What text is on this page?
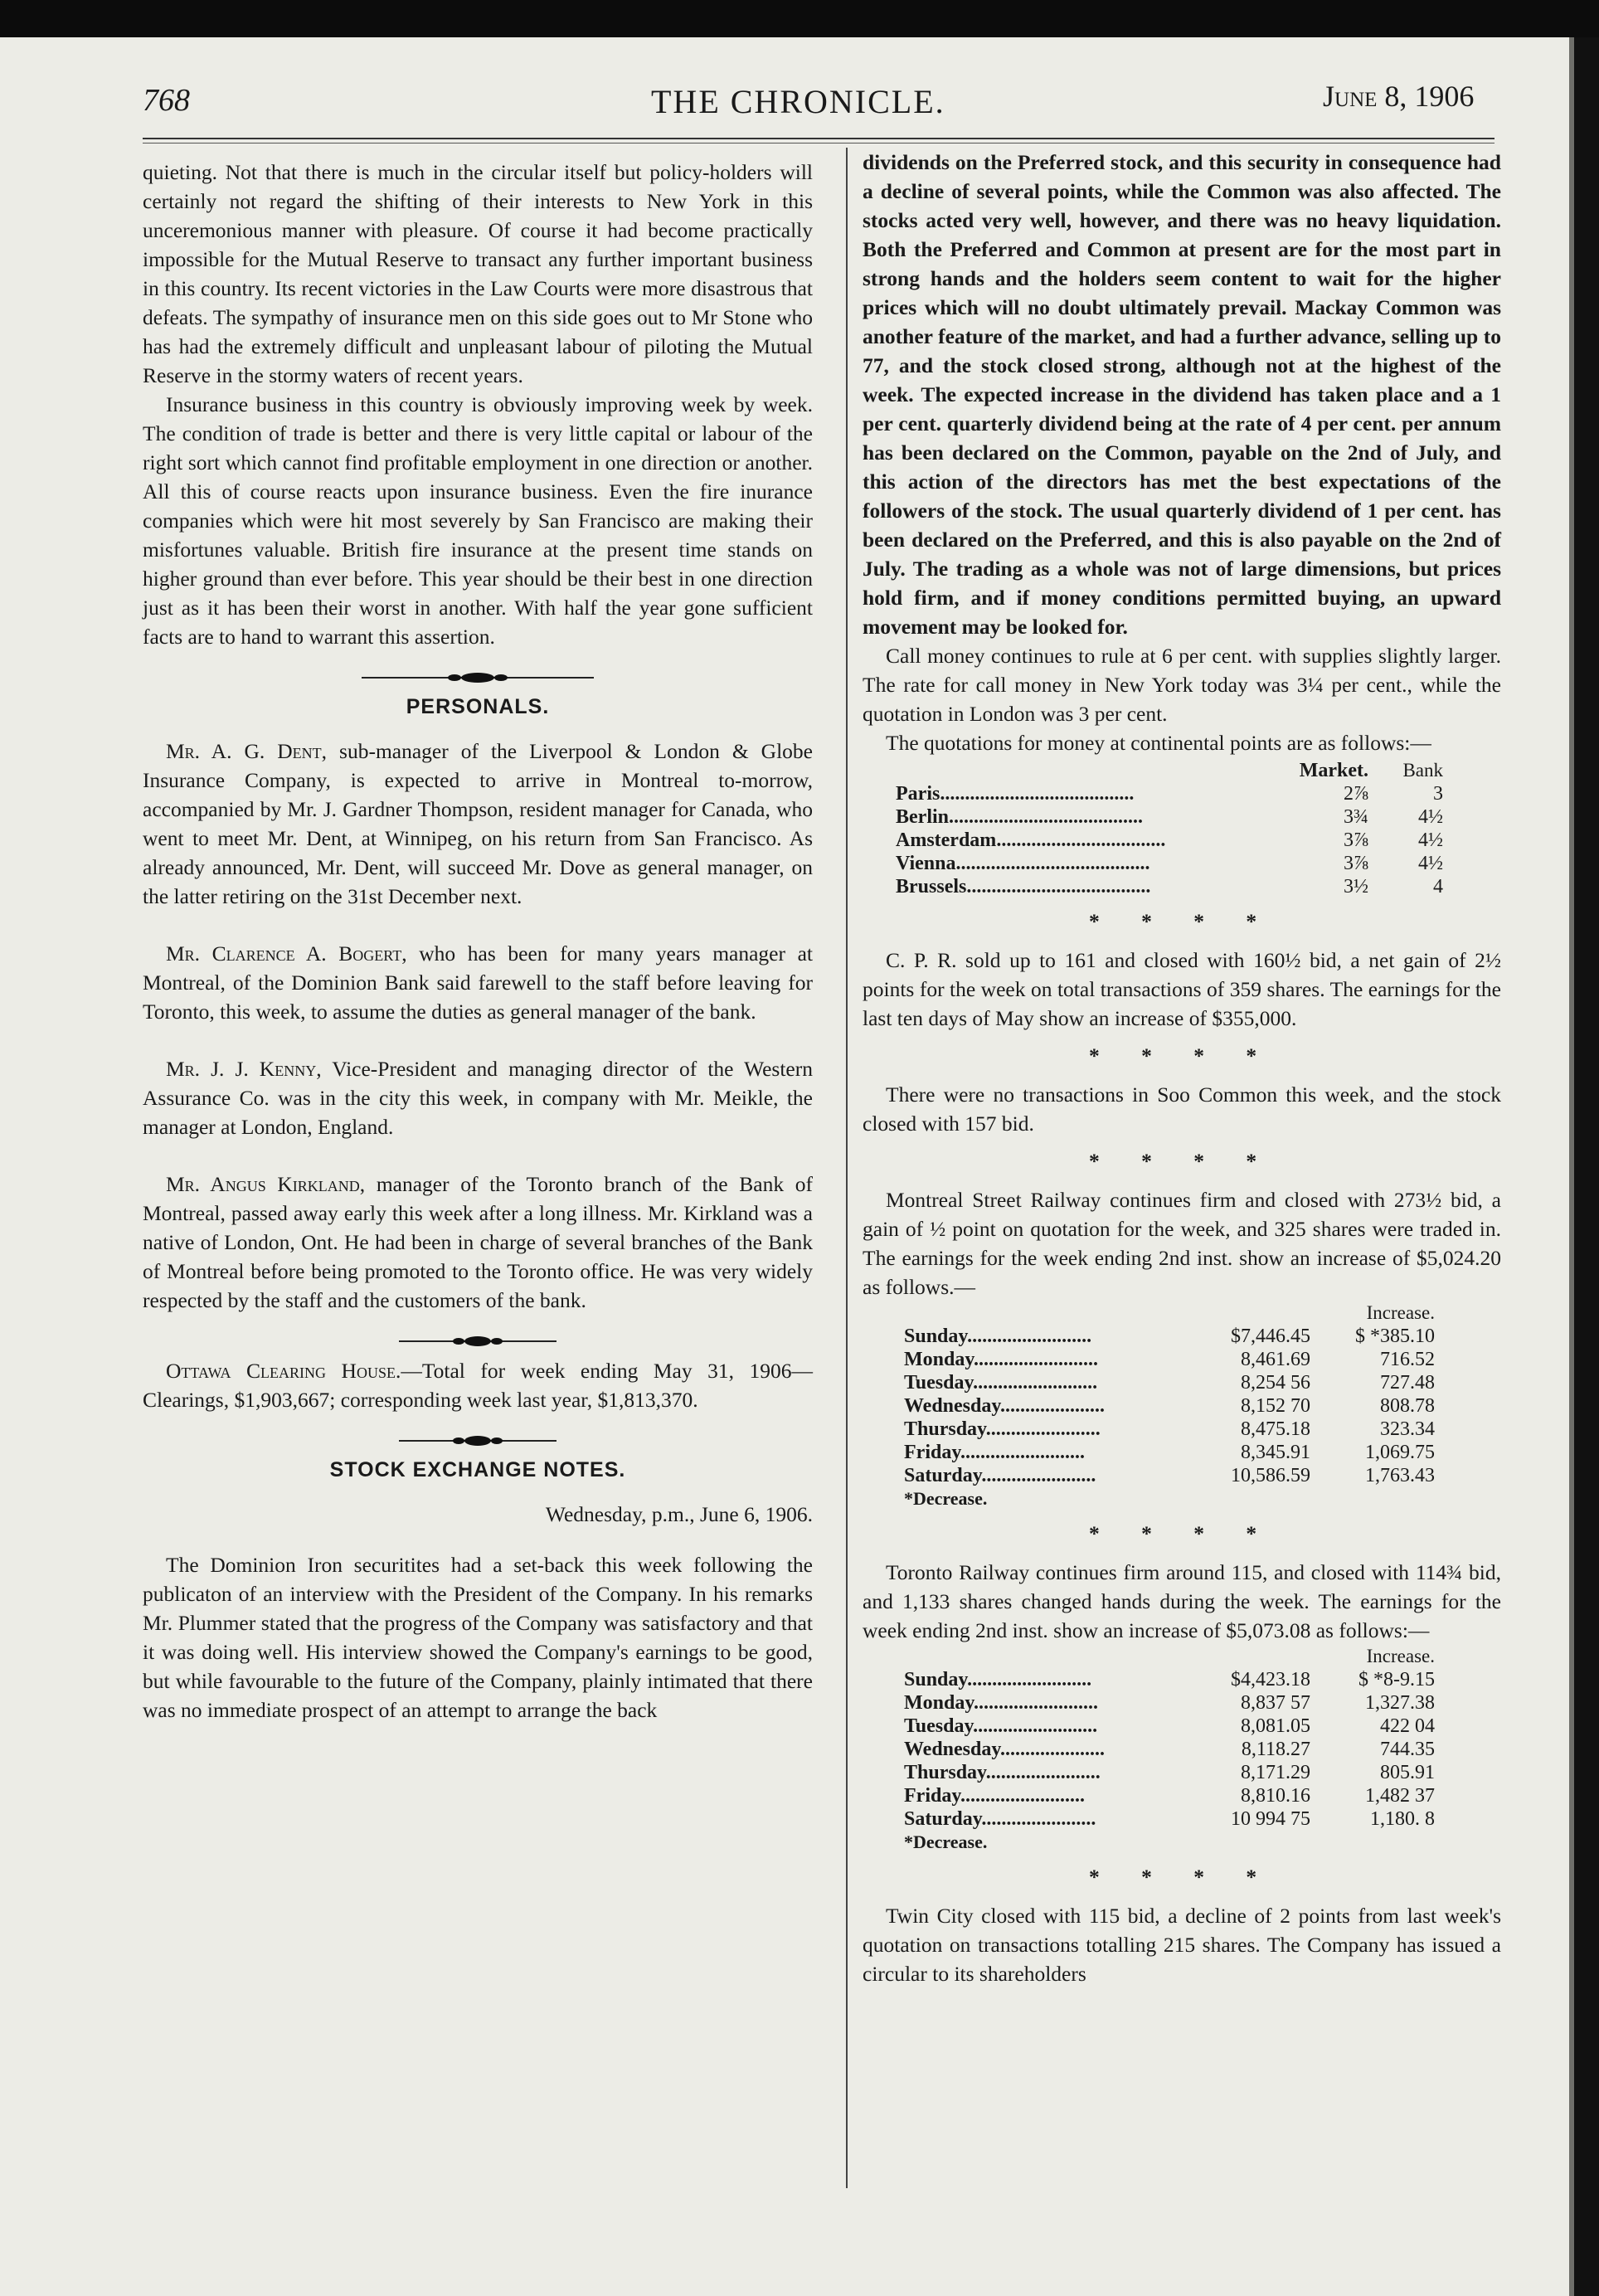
768	THE CHRONICLE.	June 8, 1906

quieting. Not that there is much in the circular itself but policy-holders will certainly not regard the shifting of their interests to New York in this unceremonious manner with pleasure. Of course it had become practically impossible for the Mutual Reserve to transact any further important business in this country. Its recent victories in the Law Courts were more disastrous that defeats. The sympathy of insurance men on this side goes out to Mr Stone who has had the extremely difficult and unpleasant labour of piloting the Mutual Reserve in the stormy waters of recent years.

Insurance business in this country is obviously improving week by week. The condition of trade is better and there is very little capital or labour of the right sort which cannot find profitable employment in one direction or another. All this of course reacts upon insurance business. Even the fire inurance companies which were hit most severely by San Francisco are making their misfortunes valuable. British fire insurance at the present time stands on higher ground than ever before. This year should be their best in one direction just as it has been their worst in another. With half the year gone sufficient facts are to hand to warrant this assertion.

PERSONALS.

Mr. A. G. Dent, sub-manager of the Liverpool & London & Globe Insurance Company, is expected to arrive in Montreal to-morrow, accompanied by Mr. J. Gardner Thompson, resident manager for Canada, who went to meet Mr. Dent, at Winnipeg, on his return from San Francisco. As already announced, Mr. Dent, will succeed Mr. Dove as general manager, on the latter retiring on the 31st December next.

Mr. Clarence A. Bogert, who has been for many years manager at Montreal, of the Dominion Bank said farewell to the staff before leaving for Toronto, this week, to assume the duties as general manager of the bank.

Mr. J. J. Kenny, Vice-President and managing director of the Western Assurance Co. was in the city this week, in company with Mr. Meikle, the manager at London, England.

Mr. Angus Kirkland, manager of the Toronto branch of the Bank of Montreal, passed away early this week after a long illness. Mr. Kirkland was a native of London, Ont. He had been in charge of several branches of the Bank of Montreal before being promoted to the Toronto office. He was very widely respected by the staff and the customers of the bank.

Ottawa Clearing House.—Total for week ending May 31, 1906—Clearings, $1,903,667; corresponding week last year, $1,813,370.

STOCK EXCHANGE NOTES.
Wednesday, p.m., June 6, 1906.

The Dominion Iron securitites had a set-back this week following the publicaton of an interview with the President of the Company. In his remarks Mr. Plummer stated that the progress of the Company was satisfactory and that it was doing well. His interview showed the Company's earnings to be good, but while favourable to the future of the Company, plainly intimated that there was no immediate prospect of an attempt to arrange the back

dividends on the Preferred stock, and this security in consequence had a decline of several points, while the Common was also affected. The stocks acted very well, however, and there was no heavy liquidation. Both the Preferred and Common at present are for the most part in strong hands and the holders seem content to wait for the higher prices which will no doubt ultimately prevail. Mackay Common was another feature of the market, and had a further advance, selling up to 77, and the stock closed strong, although not at the highest of the week. The expected increase in the dividend has taken place and a 1 per cent. quarterly dividend being at the rate of 4 per cent. per annum has been declared on the Common, payable on the 2nd of July, and this action of the directors has met the best expectations of the followers of the stock. The usual quarterly dividend of 1 per cent. has been declared on the Preferred, and this is also payable on the 2nd of July. The trading as a whole was not of large dimensions, but prices hold firm, and if money conditions permitted buying, an upward movement may be looked for.

Call money continues to rule at 6 per cent. with supplies slightly larger. The rate for call money in New York today was 3¼ per cent., while the quotation in London was 3 per cent.

The quotations for money at continental points are as follows:—

	Market.	Bank
Paris.......................................	2⅞	3
Berlin.......................................	3¾	4½
Amsterdam..................................	3⅞	4½
Vienna.......................................	3⅞	4½
Brussels.....................................	3½	4
* * * *

C. P. R. sold up to 161 and closed with 160½ bid, a net gain of 2½ points for the week on total transactions of 359 shares. The earnings for the last ten days of May show an increase of $355,000.

* * * *

There were no transactions in Soo Common this week, and the stock closed with 157 bid.

* * * *

Montreal Street Railway continues firm and closed with 273½ bid, a gain of ½ point on quotation for the week, and 325 shares were traded in. The earnings for the week ending 2nd inst. show an increase of $5,024.20 as follows.—

		Increase.
Sunday.........................	$7,446.45	$ *385.10
Monday.........................	8,461.69	716.52
Tuesday.........................	8,254 56	727.48
Wednesday.....................	8,152 70	808.78
Thursday.......................	8,475.18	323.34
Friday.........................	8,345.91	1,069.75
Saturday.......................	10,586.59	1,763.43
*Decrease.		
* * * *

Toronto Railway continues firm around 115, and closed with 114¾ bid, and 1,133 shares changed hands during the week. The earnings for the week ending 2nd inst. show an increase of $5,073.08 as follows:—

		Increase.
Sunday.........................	$4,423.18	$ *8-9.15
Monday.........................	8,837 57	1,327.38
Tuesday.........................	8,081.05	422 04
Wednesday.....................	8,118.27	744.35
Thursday.......................	8,171.29	805.91
Friday.........................	8,810.16	1,482 37
Saturday.......................	10 994 75	1,180. 8
*Decrease.		
* * * *

Twin City closed with 115 bid, a decline of 2 points from last week's quotation on transactions totalling 215 shares. The Company has issued a circular to its shareholders
